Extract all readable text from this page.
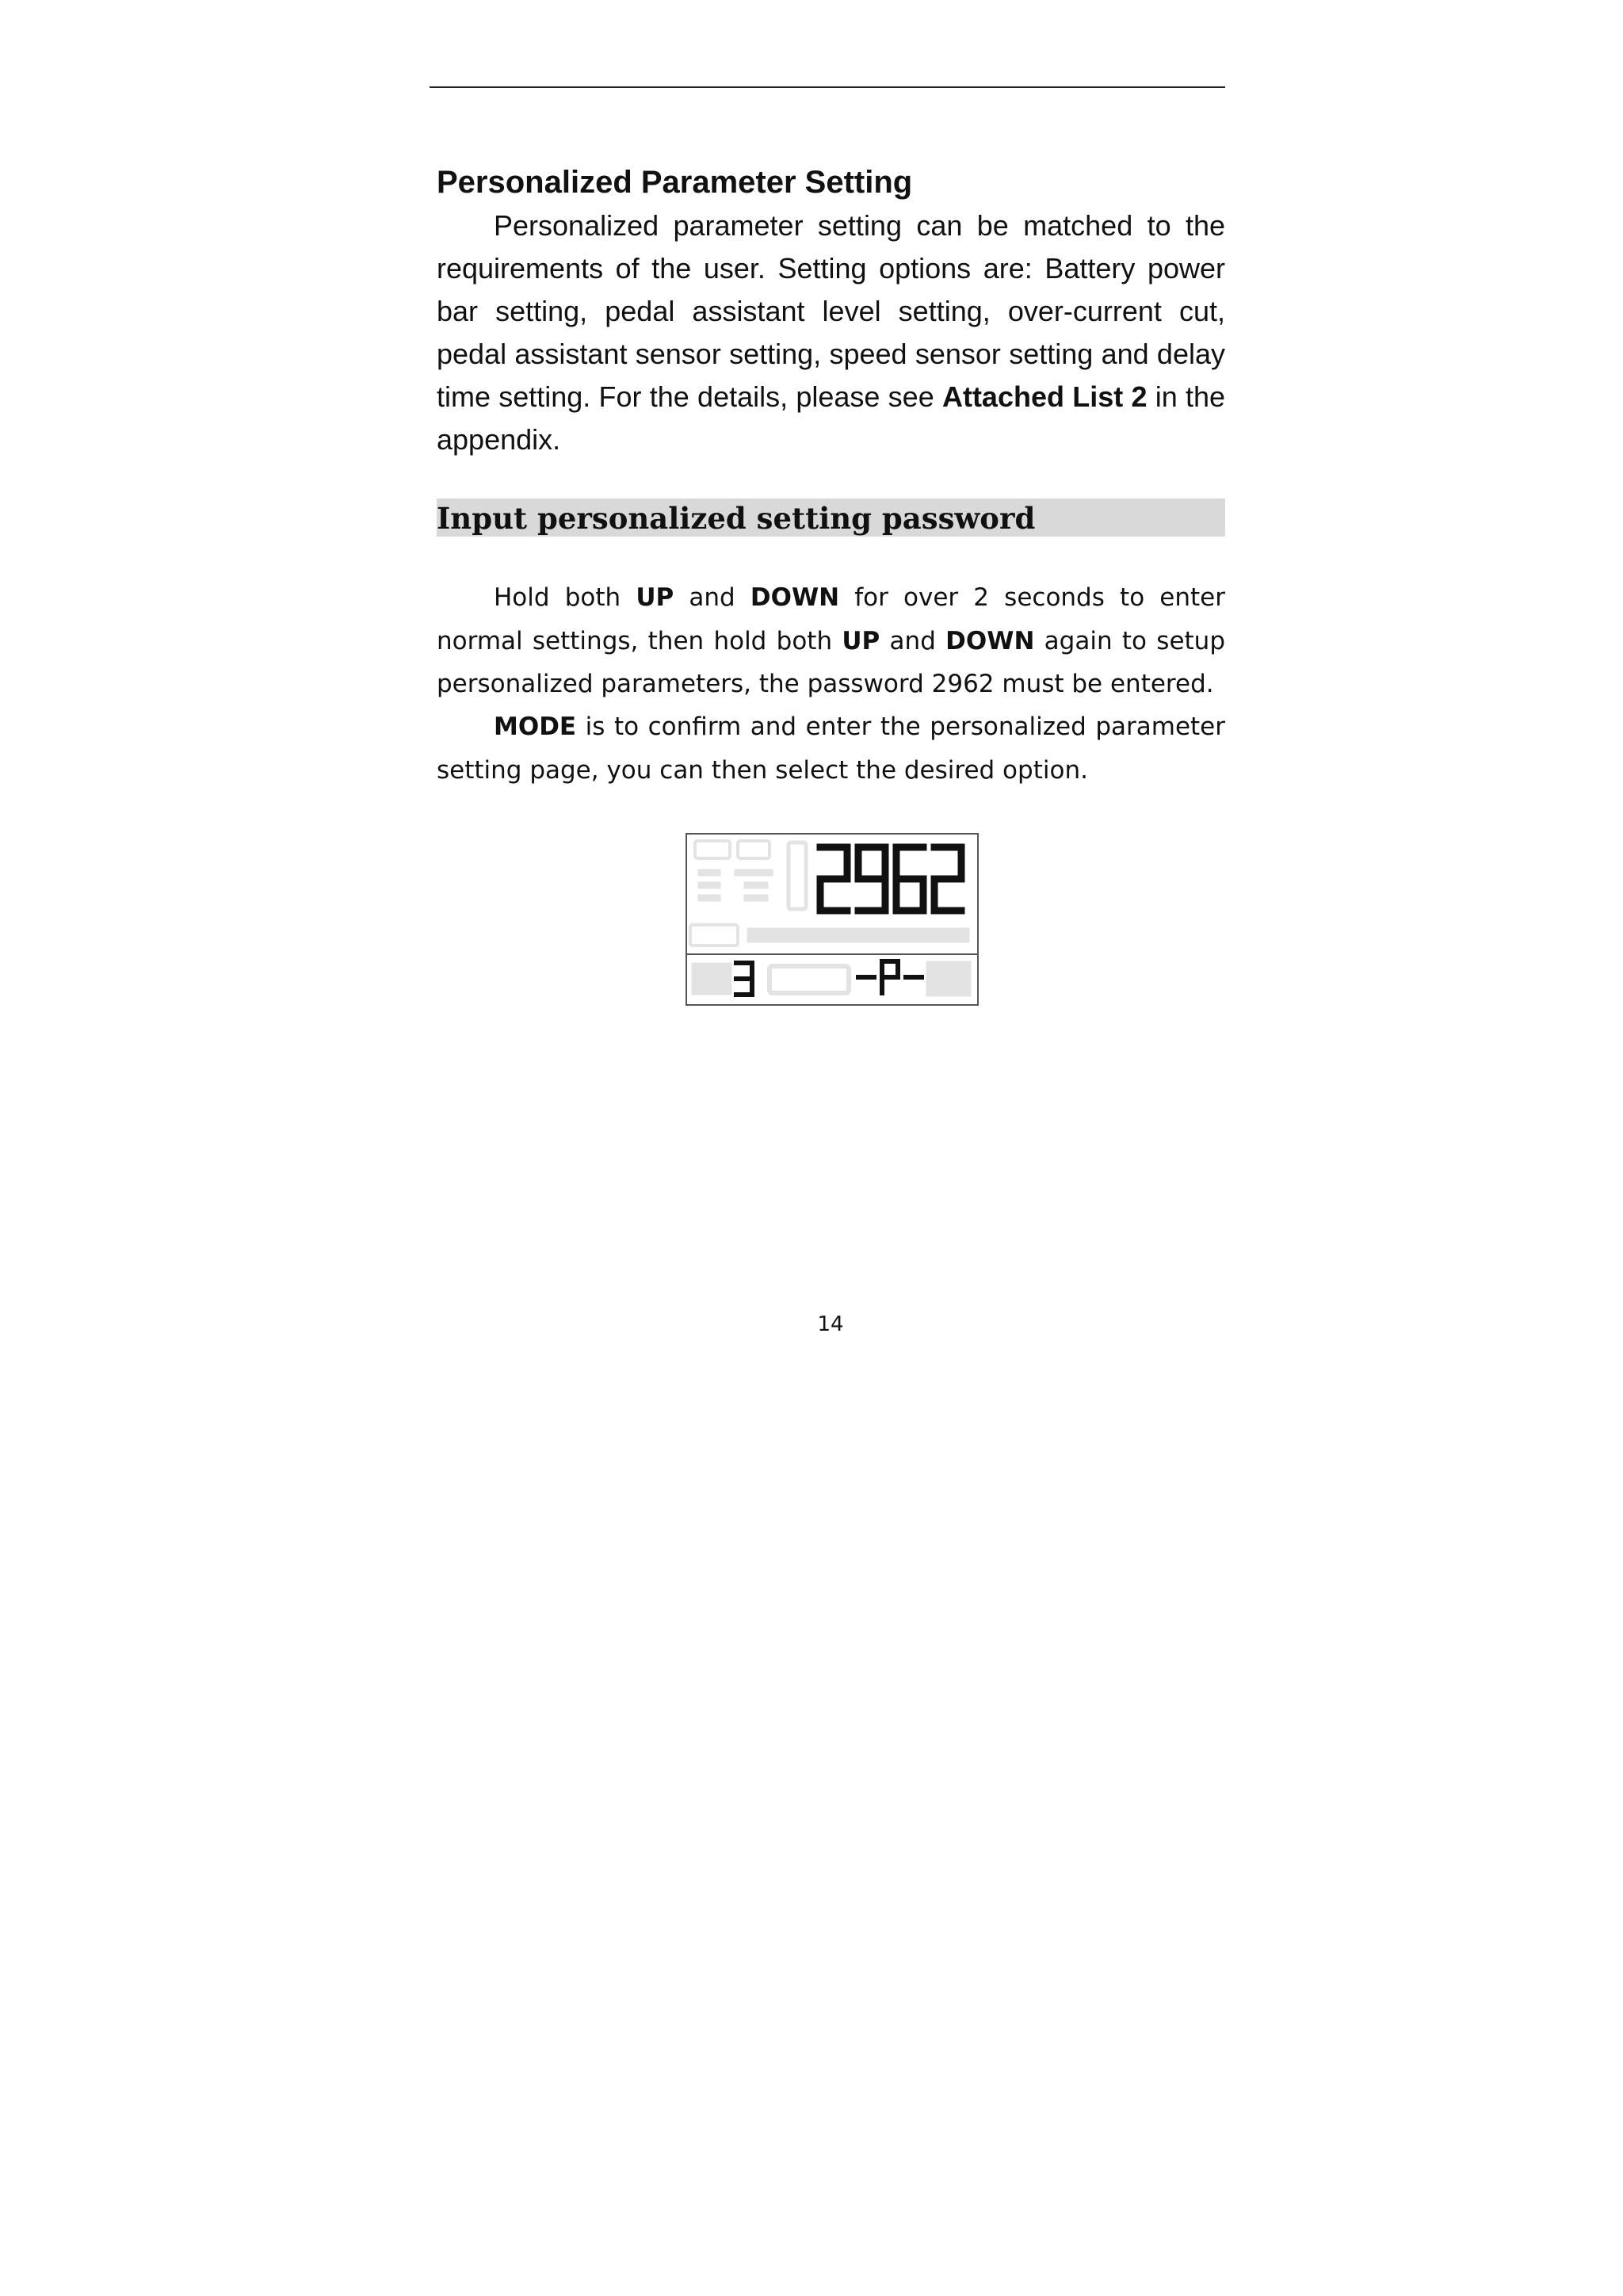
Personalized Parameter Setting

Personalized parameter setting can be matched to the requirements of the user. Setting options are: Battery power bar setting, pedal assistant level setting, over-current cut, pedal assistant sensor setting, speed sensor setting and delay time setting. For the details, please see Attached List 2 in the appendix.

Input personalized setting password

Hold both UP and DOWN for over 2 seconds to enter normal settings, then hold both UP and DOWN again to setup personalized parameters, the password 2962 must be entered.

MODE is to confirm and enter the personalized parameter setting page, you can then select the desired option.

14
